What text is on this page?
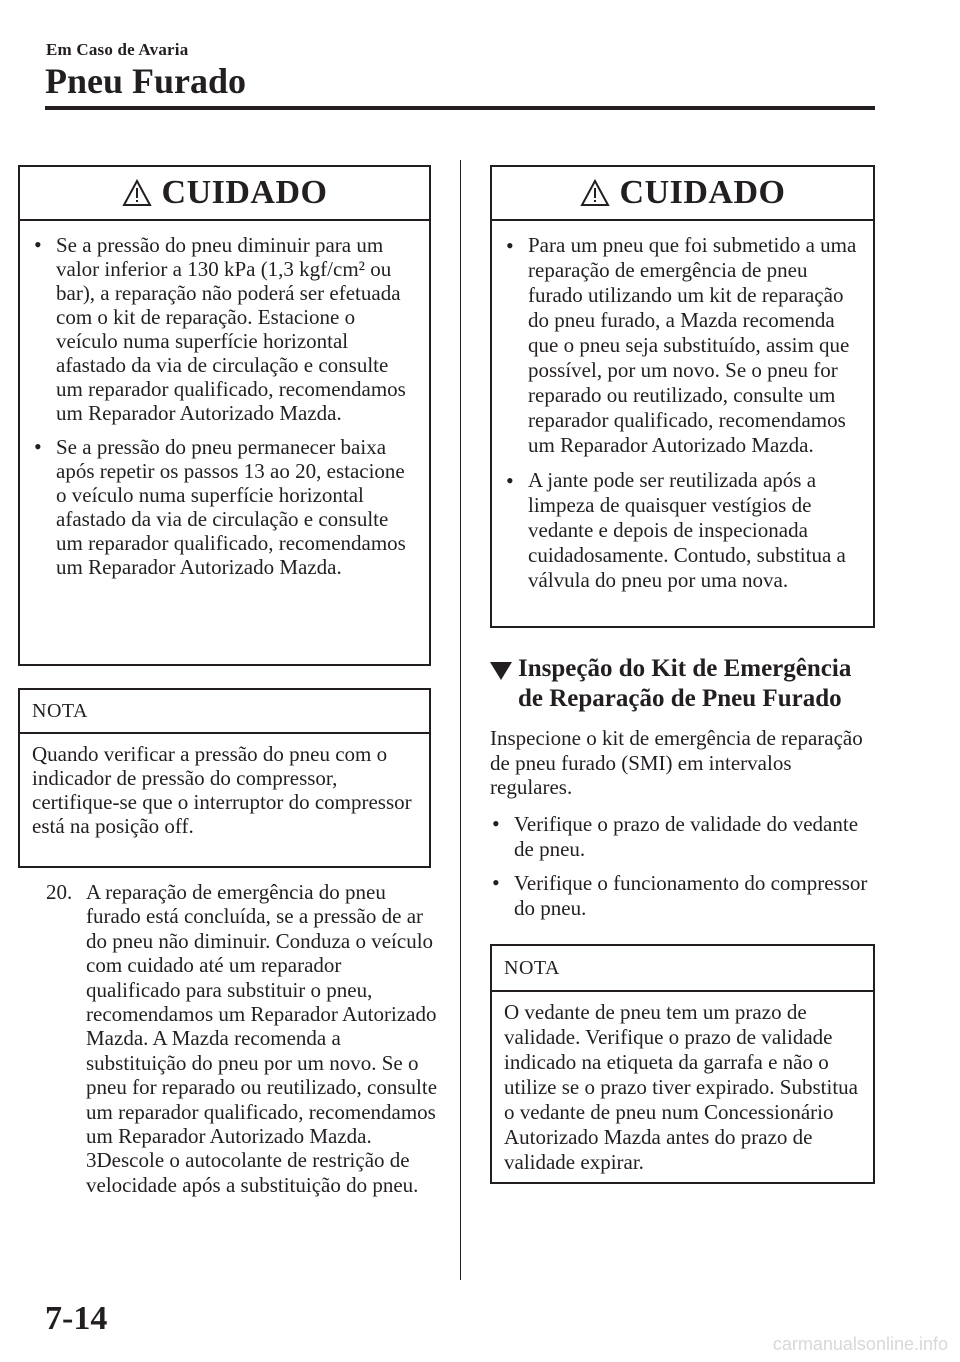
Em Caso de Avaria
Pneu Furado
CUIDADO
• Se a pressão do pneu diminuir para um valor inferior a 130 kPa (1,3 kgf/cm² ou bar), a reparação não poderá ser efetuada com o kit de reparação. Estacione o veículo numa superfície horizontal afastado da via de circulação e consulte um reparador qualificado, recomendamos um Reparador Autorizado Mazda.
• Se a pressão do pneu permanecer baixa após repetir os passos 13 ao 20, estacione o veículo numa superfície horizontal afastado da via de circulação e consulte um reparador qualificado, recomendamos um Reparador Autorizado Mazda.
NOTA

Quando verificar a pressão do pneu com o indicador de pressão do compressor, certifique-se que o interruptor do compressor está na posição off.

20. A reparação de emergência do pneu furado está concluída, se a pressão de ar do pneu não diminuir. Conduza o veículo com cuidado até um reparador qualificado para substituir o pneu, recomendamos um Reparador Autorizado Mazda. A Mazda recomenda a substituição do pneu por um novo. Se o pneu for reparado ou reutilizado, consulte um reparador qualificado, recomendamos um Reparador Autorizado Mazda. 3Descole o autocolante de restrição de velocidade após a substituição do pneu.
CUIDADO
• Para um pneu que foi submetido a uma reparação de emergência de pneu furado utilizando um kit de reparação do pneu furado, a Mazda recomenda que o pneu seja substituído, assim que possível, por um novo. Se o pneu for reparado ou reutilizado, consulte um reparador qualificado, recomendamos um Reparador Autorizado Mazda.
• A jante pode ser reutilizada após a limpeza de quaisquer vestígios de vedante e depois de inspecionada cuidadosamente. Contudo, substitua a válvula do pneu por uma nova.
Inspeção do Kit de Emergência de Reparação de Pneu Furado

Inspecione o kit de emergência de reparação de pneu furado (SMI) em intervalos regulares.

• Verifique o prazo de validade do vedante de pneu.
• Verifique o funcionamento do compressor do pneu.
NOTA

O vedante de pneu tem um prazo de validade. Verifique o prazo de validade indicado na etiqueta da garrafa e não o utilize se o prazo tiver expirado. Substitua o vedante de pneu num Concessionário Autorizado Mazda antes do prazo de validade expirar.

7-14
carmanualsonline.info
